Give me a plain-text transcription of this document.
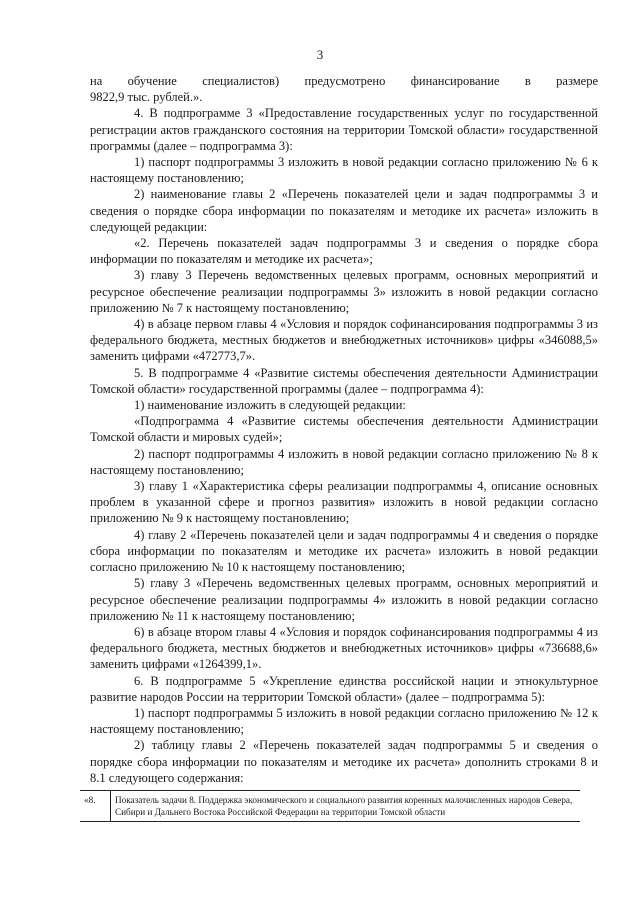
3

на обучение специалистов) предусмотрено финансирование в размере

9822,9 тыс. рублей.».

4. В подпрограмме 3 «Предоставление государственных услуг по государственной регистрации актов гражданского состояния на территории Томской области» государственной программы (далее – подпрограмма 3):

1) паспорт подпрограммы 3 изложить в новой редакции согласно приложению № 6 к настоящему постановлению;

2) наименование главы 2 «Перечень показателей цели и задач подпрограммы 3 и сведения о порядке сбора информации по показателям и методике их расчета» изложить в следующей редакции:

«2. Перечень показателей задач подпрограммы 3 и сведения о порядке сбора информации по показателям и методике их расчета»;

3) главу 3 Перечень ведомственных целевых программ, основных мероприятий и ресурсное обеспечение реализации подпрограммы 3» изложить в новой редакции согласно приложению № 7 к настоящему постановлению;

4) в абзаце первом главы 4 «Условия и порядок софинансирования подпрограммы 3 из федерального бюджета, местных бюджетов и внебюджетных источников» цифры «346088,5» заменить цифрами «472773,7».

5. В подпрограмме 4 «Развитие системы обеспечения деятельности Администрации Томской области» государственной программы (далее – подпрограмма 4):

1) наименование изложить в следующей редакции:

«Подпрограмма 4 «Развитие системы обеспечения деятельности Администрации Томской области и мировых судей»;

2) паспорт подпрограммы 4 изложить в новой редакции согласно приложению № 8 к настоящему постановлению;

3) главу 1 «Характеристика сферы реализации подпрограммы 4, описание основных проблем в указанной сфере и прогноз развития» изложить в новой редакции согласно приложению № 9 к настоящему постановлению;

4) главу 2 «Перечень показателей цели и задач подпрограммы 4 и сведения о порядке сбора информации по показателям и методике их расчета» изложить в новой редакции согласно приложению № 10 к настоящему постановлению;

5) главу 3 «Перечень ведомственных целевых программ, основных мероприятий и ресурсное обеспечение реализации подпрограммы 4» изложить в новой редакции согласно приложению № 11 к настоящему постановлению;

6) в абзаце втором главы 4 «Условия и порядок софинансирования подпрограммы 4 из федерального бюджета, местных бюджетов и внебюджетных источников» цифры «736688,6» заменить цифрами «1264399,1».

6. В подпрограмме 5 «Укрепление единства российской нации и этнокультурное развитие народов России на территории Томской области» (далее – подпрограмма 5):

1) паспорт подпрограммы 5 изложить в новой редакции согласно приложению № 12 к настоящему постановлению;

2) таблицу главы 2 «Перечень показателей задач подпрограммы 5 и сведения о порядке сбора информации по показателям и методике их расчета» дополнить строками 8 и 8.1 следующего содержания:

«8.	Показатель задачи 8. Поддержка экономического и социального развития коренных малочисленных народов Севера, Сибири и Дальнего Востока Российской Федерации на территории Томской области
